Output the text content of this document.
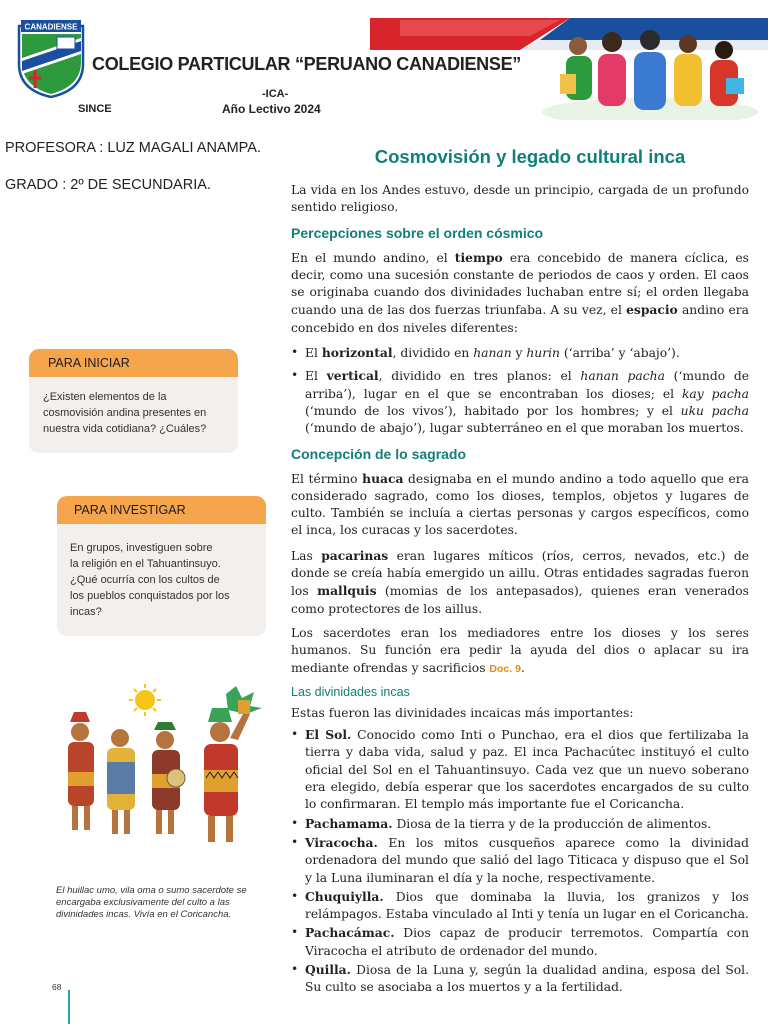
CANADIENSE
SINCE
COLEGIO PARTICULAR “PERUANO CANADIENSE”
-ICA-
Año Lectivo 2024
PROFESORA : LUZ MAGALI ANAMPA.
GRADO : 2º DE SECUNDARIA.
PARA INICIAR
¿Existen elementos de la
cosmovisión andina presentes en
nuestra vida cotidiana? ¿Cuáles?
PARA INVESTIGAR
En grupos, investiguen sobre
la religión en el Tahuantinsuyo.
¿Qué ocurría con los cultos de
los pueblos conquistados por los
incas?
El huillac umo, vila oma o sumo sacerdote se encargaba exclusivamente del culto a las divinidades incas. Vivía en el Coricancha.
68
Cosmovisión y legado cultural inca

La vida en los Andes estuvo, desde un principio, cargada de un profundo sentido religioso.

Percepciones sobre el orden cósmico

En el mundo andino, el tiempo era concebido de manera cíclica, es decir, como una sucesión constante de periodos de caos y orden. El caos se originaba cuando dos divinidades luchaban entre sí; el orden llegaba cuando una de las dos fuerzas triunfaba. A su vez, el espacio andino era concebido en dos niveles diferentes:

• El horizontal, dividido en hanan y hurin (‘arriba’ y ‘abajo’).
• El vertical, dividido en tres planos: el hanan pacha (‘mundo de arriba’), lugar en el que se encontraban los dioses; el kay pacha (‘mundo de los vivos’), habitado por los hombres; y el uku pacha (‘mundo de abajo’), lugar subterráneo en el que moraban los muertos.
Concepción de lo sagrado

El término huaca designaba en el mundo andino a todo aquello que era considerado sagrado, como los dioses, templos, objetos y lugares de culto. También se incluía a ciertas personas y cargos específicos, como el inca, los curacas y los sacerdotes.

Las pacarinas eran lugares míticos (ríos, cerros, nevados, etc.) de donde se creía había emergido un aillu. Otras entidades sagradas fueron los mallquis (momias de los antepasados), quienes eran venerados como protectores de los aillus.

Los sacerdotes eran los mediadores entre los dioses y los seres humanos. Su función era pedir la ayuda del dios o aplacar su ira mediante ofrendas y sacrificios Doc. 9.

Las divinidades incas

Estas fueron las divinidades incaicas más importantes:

• El Sol. Conocido como Inti o Punchao, era el dios que fertilizaba la tierra y daba vida, salud y paz. El inca Pachacútec instituyó el culto oficial del Sol en el Tahuantinsuyo. Cada vez que un nuevo soberano era elegido, debía esperar que los sacerdotes encargados de su culto lo confirmaran. El templo más importante fue el Coricancha.
• Pachamama. Diosa de la tierra y de la producción de alimentos.
• Viracocha. En los mitos cusqueños aparece como la divinidad ordenadora del mundo que salió del lago Titicaca y dispuso que el Sol y la Luna iluminaran el día y la noche, respectivamente.
• Chuquiylla. Dios que dominaba la lluvia, los granizos y los relámpagos. Estaba vinculado al Inti y tenía un lugar en el Coricancha.
• Pachacámac. Dios capaz de producir terremotos. Compartía con Viracocha el atributo de ordenador del mundo.
• Quilla. Diosa de la Luna y, según la dualidad andina, esposa del Sol. Su culto se asociaba a los muertos y a la fertilidad.
